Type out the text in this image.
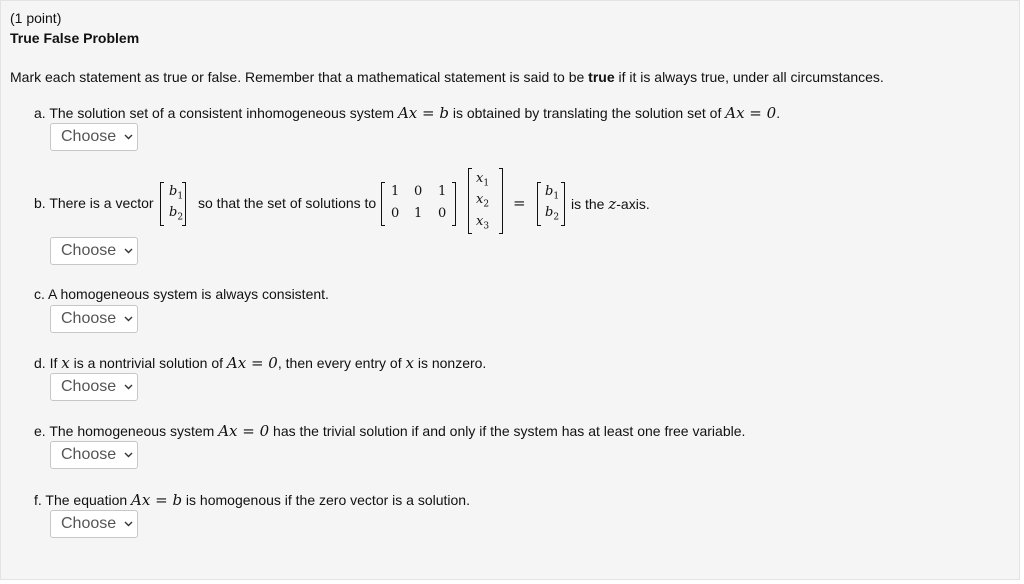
(1 point)
True False Problem
Mark each statement as true or false. Remember that a mathematical statement is said to be true if it is always true, under all circumstances.
a. The solution set of a consistent inhomogeneous system Ax = b is obtained by translating the solution set of Ax = 0.
Choose
b. There is a vector
$b_1$
$b_2$
so that the set of solutions to
1 0 1
0 1 0
$x_1$
$x_2$
$x_3$
=
$b_1$
$b_2$
is the z-axis.
Choose
c. A homogeneous system is always consistent.
Choose
d. If x is a nontrivial solution of Ax = 0, then every entry of x is nonzero.
Choose
e. The homogeneous system Ax = 0 has the trivial solution if and only if the system has at least one free variable.
Choose
f. The equation Ax = b is homogenous if the zero vector is a solution.
Choose
